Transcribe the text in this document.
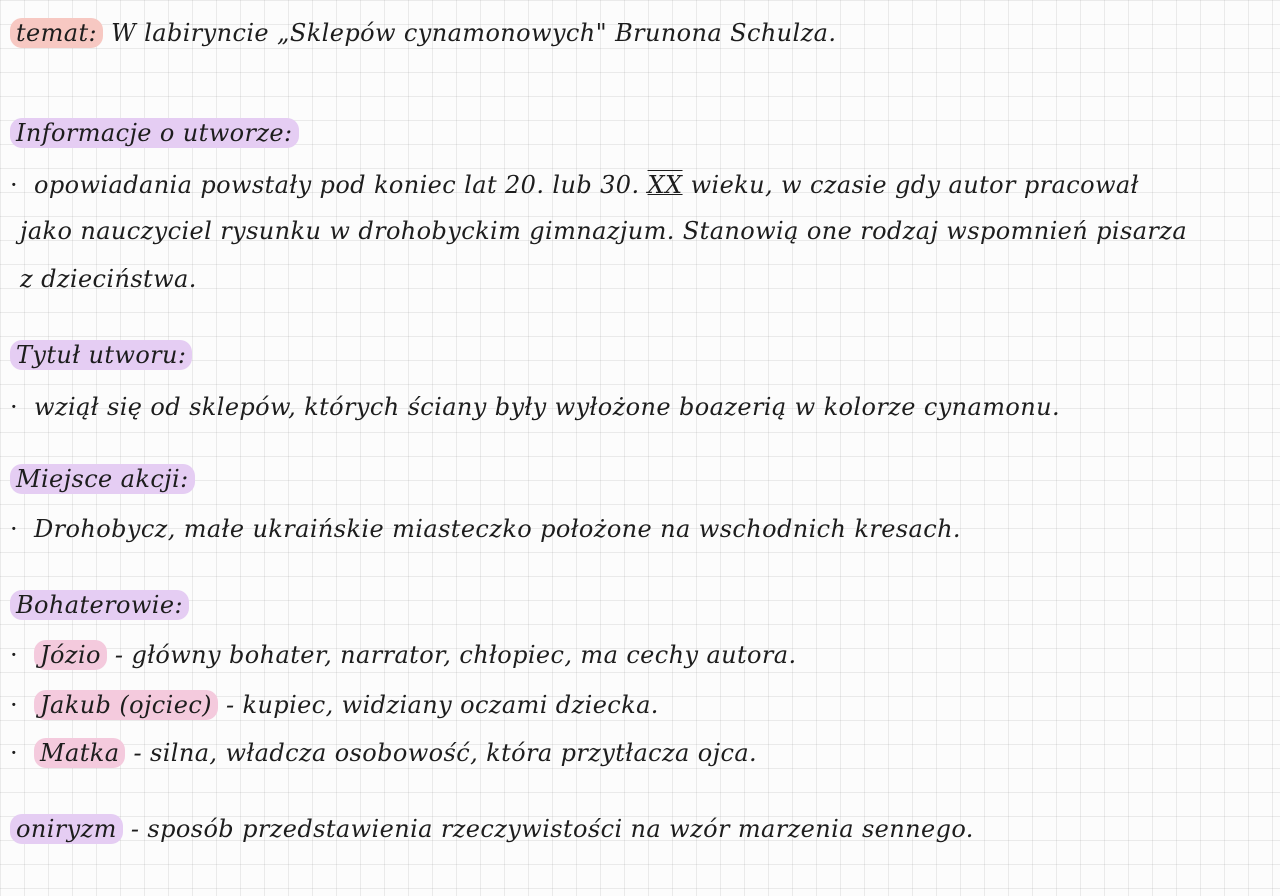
temat: W labiryncie „Sklepów cynamonowych" Brunona Schulza.
Informacje o utworze:
· opowiadania powstały pod koniec lat 20. lub 30. XX wieku, w czasie gdy autor pracował
jako nauczyciel rysunku w drohobyckim gimnazjum. Stanowią one rodzaj wspomnień pisarza
z dzieciństwa.
Tytuł utworu:
· wziął się od sklepów, których ściany były wyłożone boazerią w kolorze cynamonu.
Miejsce akcji:
· Drohobycz, małe ukraińskie miasteczko położone na wschodnich kresach.
Bohaterowie:
· Józio - główny bohater, narrator, chłopiec, ma cechy autora.
· Jakub (ojciec) - kupiec, widziany oczami dziecka.
· Matka - silna, władcza osobowość, która przytłacza ojca.
oniryzm - sposób przedstawienia rzeczywistości na wzór marzenia sennego.
